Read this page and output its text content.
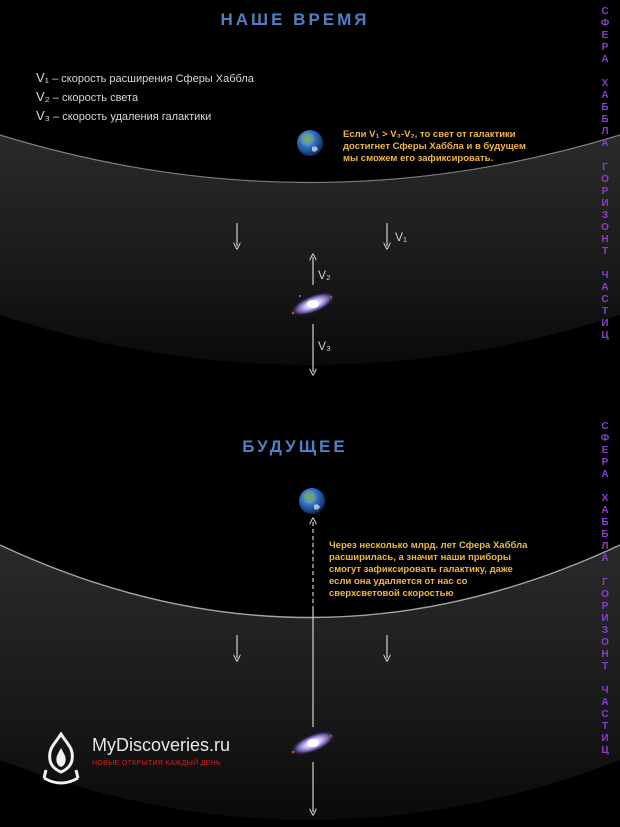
НАШЕ ВРЕМЯ
БУДУЩЕЕ
V₁ – скорость расширения Сферы Хаббла
V₂ – скорость света
V₃ – скорость удаления галактики
Если V₁ > V₃-V₂, то свет от галактики
достигнет Сферы Хаббла и в будущем
мы сможем его зафиксировать.
Через несколько млрд. лет Сфера Хаббла
расширилась, а значит наши приборы
смогут зафиксировать галактику, даже
если она удаляется от нас со
сверхсветовой скоростью
V₁
V₂
V₃
С
Ф
Е
Р
А
Х
А
Б
Б
Л
А
Г
О
Р
И
З
О
Н
Т
Ч
А
С
Т
И
Ц
С
Ф
Е
Р
А
Х
А
Б
Б
Л
А
Г
О
Р
И
З
О
Н
Т
Ч
А
С
Т
И
Ц
MyDiscoveries.ru
НОВЫЕ ОТКРЫТИЯ КАЖДЫЙ ДЕНЬ
